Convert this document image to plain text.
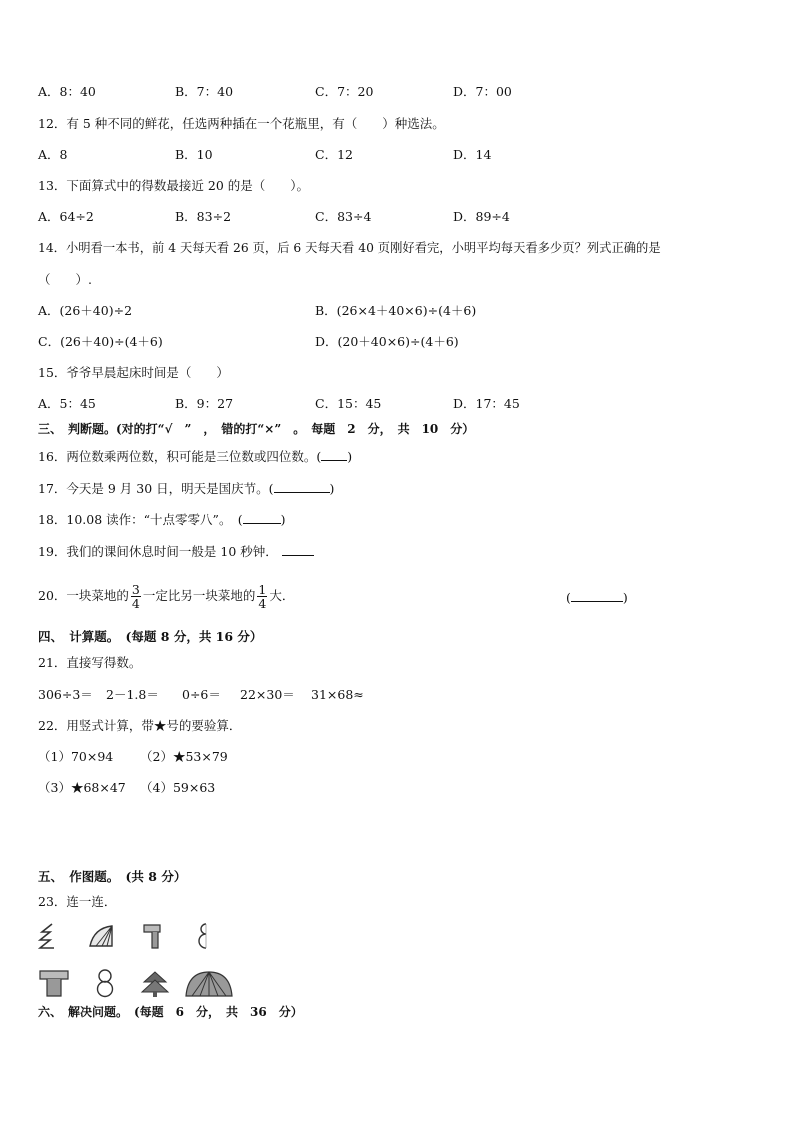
A．8：40	B．7：40	C．7：20	D．7：00
12．有 5 种不同的鲜花，任选两种插在一个花瓶里，有（　　）种选法。
A．8	B．10	C．12	D．14
13．下面算式中的得数最接近 20 的是（　　）。
A．64÷2	B．83÷2	C．83÷4	D．89÷4
14．小明看一本书，前 4 天每天看 26 页，后 6 天每天看 40 页刚好看完，小明平均每天看多少页？列式正确的是
（　　）.
A．(26＋40)÷2	B．(26×4＋40×6)÷(4＋6)
C．(26＋40)÷(4＋6)	D．(20＋40×6)÷(4＋6)
15．爷爷早晨起床时间是（　　）
A．5：45	B．9：27	C．15：45	D．17：45
三、　判断题。(对的打“√　”　，　错的打“×”　。　每题　2　分，　共　10　分）
16．两位数乘两位数，积可能是三位数或四位数。( )
17．今天是 9 月 30 日，明天是国庆节。(	)
18．10.08 读作：“十点零零八”。　(	)
19．我们的课间休息时间一般是 10 秒钟．
20．一块菜地的 $\frac{3}{4}$ 一定比另一块菜地的 $\frac{1}{4}$ 大．	(	)
四、　计算题。　(每题 8 分，共 16 分）
21．直接写得数。
306÷3＝ 2－1.8＝ 0÷6＝ 22×30＝ 31×68≈
22．用竖式计算，带★号的要验算．
（1）70×94 （2）★53×79
（3）★68×47 （4）59×63
五、　作图题。　(共 8 分）
23．连一连．
六、　解决问题。　(每题　6　分，　共　36　分）
